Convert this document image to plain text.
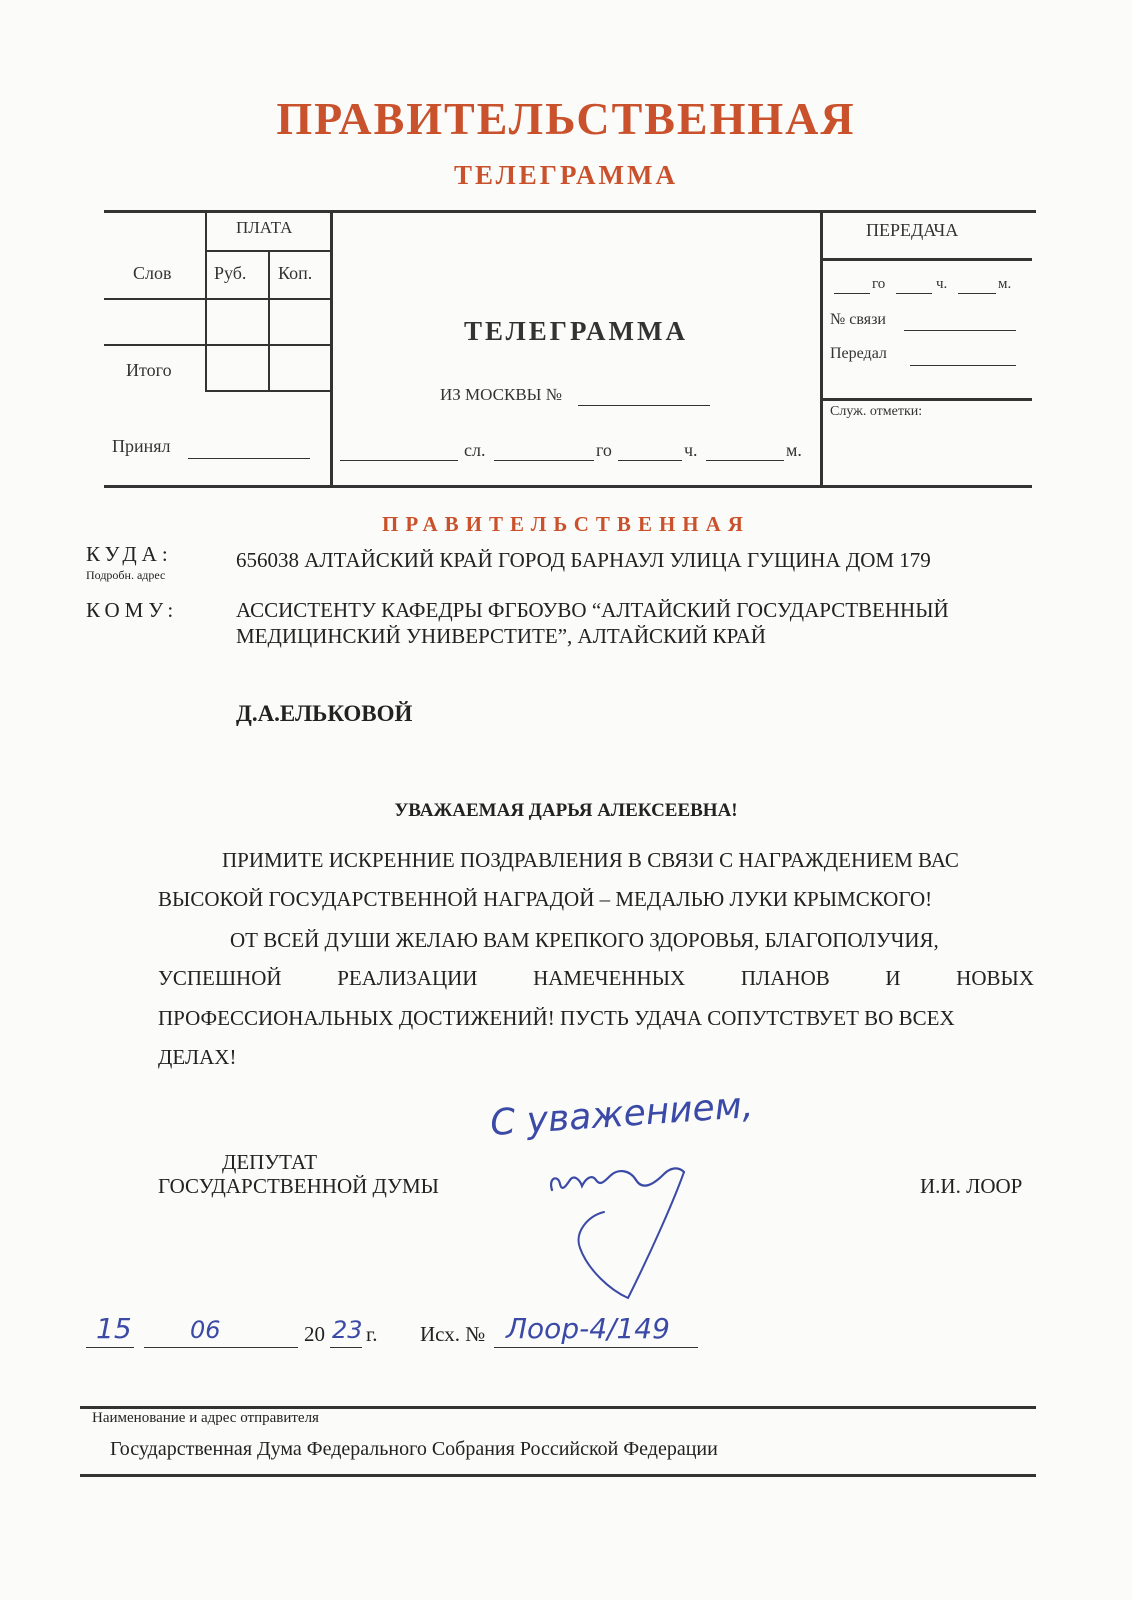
ПРАВИТЕЛЬСТВЕННАЯ
ТЕЛЕГРАММА
ПЛАТА
Слов Руб. Коп.
Итого
Принял
ТЕЛЕГРАММА
ИЗ МОСКВЫ №
сл.	го	ч.	м.
ПЕРЕДАЧА
го	ч.	м.
№ связи
Передал
Служ. отметки:
ПРАВИТЕЛЬСТВЕННАЯ
КУДА:
Подробн. адрес
656038 АЛТАЙСКИЙ КРАЙ ГОРОД БАРНАУЛ УЛИЦА ГУЩИНА ДОМ 179
КОМУ:	АССИСТЕНТУ КАФЕДРЫ ФГБОУВО “АЛТАЙСКИЙ ГОСУДАРСТВЕННЫЙ
МЕДИЦИНСКИЙ УНИВЕРСТИТЕ”, АЛТАЙСКИЙ КРАЙ
Д.А.ЕЛЬКОВОЙ
УВАЖАЕМАЯ ДАРЬЯ АЛЕКСЕЕВНА!
ПРИМИТЕ ИСКРЕННИЕ ПОЗДРАВЛЕНИЯ В СВЯЗИ С НАГРАЖДЕНИЕМ ВАС
ВЫСОКОЙ ГОСУДАРСТВЕННОЙ НАГРАДОЙ – МЕДАЛЬЮ ЛУКИ КРЫМСКОГО!
ОТ ВСЕЙ ДУШИ ЖЕЛАЮ ВАМ КРЕПКОГО ЗДОРОВЬЯ, БЛАГОПОЛУЧИЯ,
УСПЕШНОЙ	РЕАЛИЗАЦИИ	НАМЕЧЕННЫХ	ПЛАНОВ	И	НОВЫХ
ПРОФЕССИОНАЛЬНЫХ ДОСТИЖЕНИЙ! ПУСТЬ УДАЧА СОПУТСТВУЕТ ВО ВСЕХ
ДЕЛАХ!
С уважением,
ДЕПУТАТ
ГОСУДАРСТВЕННОЙ ДУМЫ	И.И. ЛООР
15 06	20 23 г. Исх. № Лоор-4/149
Наименование и адрес отправителя
Государственная Дума Федерального Собрания Российской Федерации
